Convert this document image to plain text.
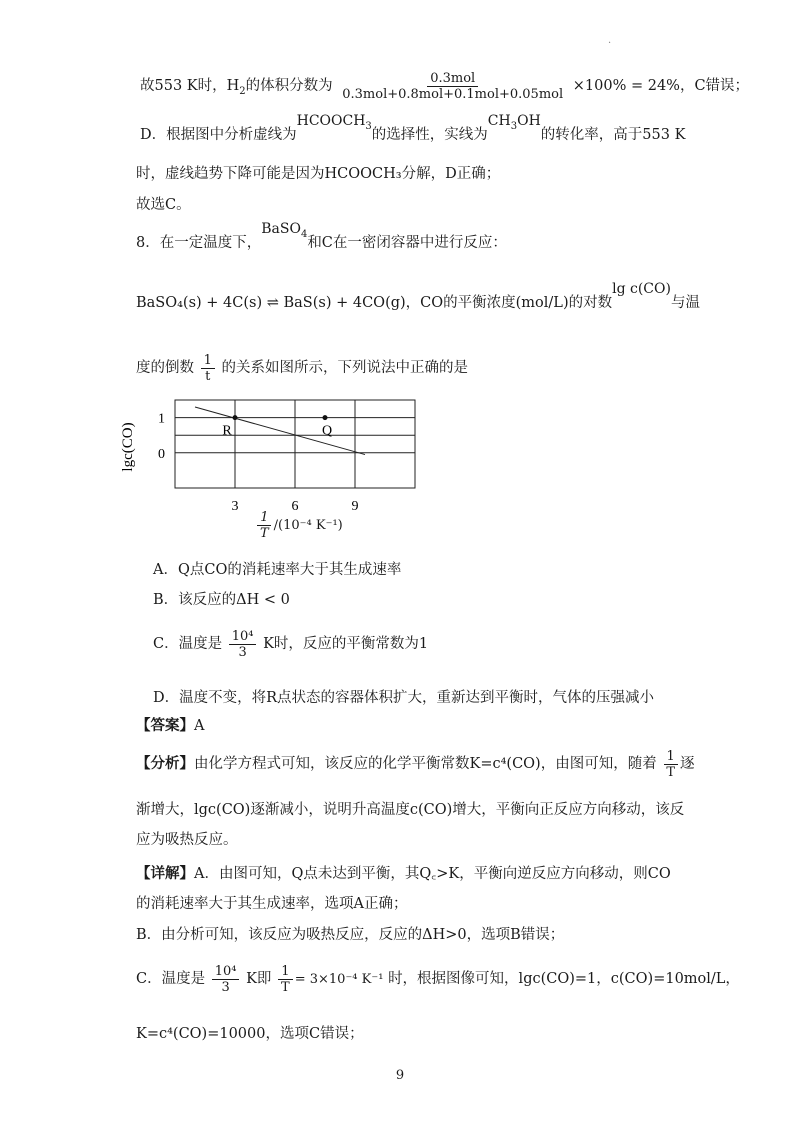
·
故553 K时，$H_2$的体积分数为 $\frac{\text{0.3mol}}{\text{0.3mol+0.8mol+0.1mol+0.05mol}} \times 100\% = 24\%$，C错误；
D．根据图中分析虚线为$HCOOCH_3$的选择性，实线为$CH_3OH$的转化率，高于553 K
时，虚线趋势下降可能是因为HCOOCH₃分解，D正确；
故选C。
8．在一定温度下，BaSO$_4$和C在一密闭容器中进行反应：
BaSO₄(s) + 4C(s) ⇌ BaS(s) + 4CO(g)，CO的平衡浓度(mol/L)的对数lg c(CO)与温
度的倒数 $\frac{1}{t}$ 的关系如图所示，下列说法中正确的是
3	6	9
1
0
R	Q
lgc(CO)
$\frac{1}{T} /(10^{-4}$ K⁻¹)
A．Q点CO的消耗速率大于其生成速率
B．该反应的ΔH < 0
C．温度是 $\frac{\text{10⁴}}{3}$ K时，反应的平衡常数为1
D．温度不变，将R点状态的容器体积扩大，重新达到平衡时，气体的压强减小
【答案】A
【分析】由化学方程式可知，该反应的化学平衡常数K=c⁴(CO)，由图可知，随着 $\frac{1}{T}$ 逐
渐增大，lgc(CO)逐渐减小，说明升高温度c(CO)增大，平衡向正反应方向移动，该反
应为吸热反应。
【详解】A．由图可知，Q点未达到平衡，其Q꜀>K，平衡向逆反应方向移动，则CO
的消耗速率大于其生成速率，选项A正确；
B．由分析可知，该反应为吸热反应，反应的ΔH>0，选项B错误；
C．温度是 $\frac{\text{10⁴}}{3}$ K即 $\frac{1}{T} = 3\times 10^{-4}$ K⁻¹ 时，根据图像可知，lgc(CO)=1，c(CO)=10mol/L，
K=c⁴(CO)=10000，选项C错误；
9
